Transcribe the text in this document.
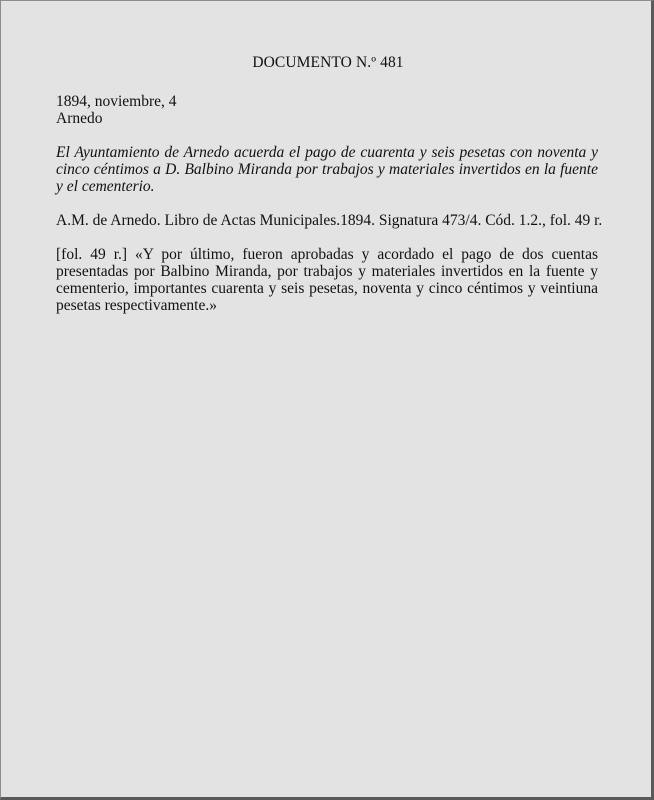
DOCUMENTO N.º 481

1894, noviembre, 4
Arnedo

El Ayuntamiento de Arnedo acuerda el pago de cuarenta y seis pesetas con noventa y cinco céntimos a D. Balbino Miranda por trabajos y materiales invertidos en la fuente y el cementerio.

A.M. de Arnedo. Libro de Actas Municipales.1894. Signatura 473/4. Cód. 1.2., fol. 49 r.

[fol. 49 r.] «Y por último, fueron aprobadas y acordado el pago de dos cuentas presentadas por Balbino Miranda, por trabajos y materiales invertidos en la fuente y cementerio, importantes cuarenta y seis pesetas, noventa y cinco céntimos y veintiuna pesetas respectivamente.»
